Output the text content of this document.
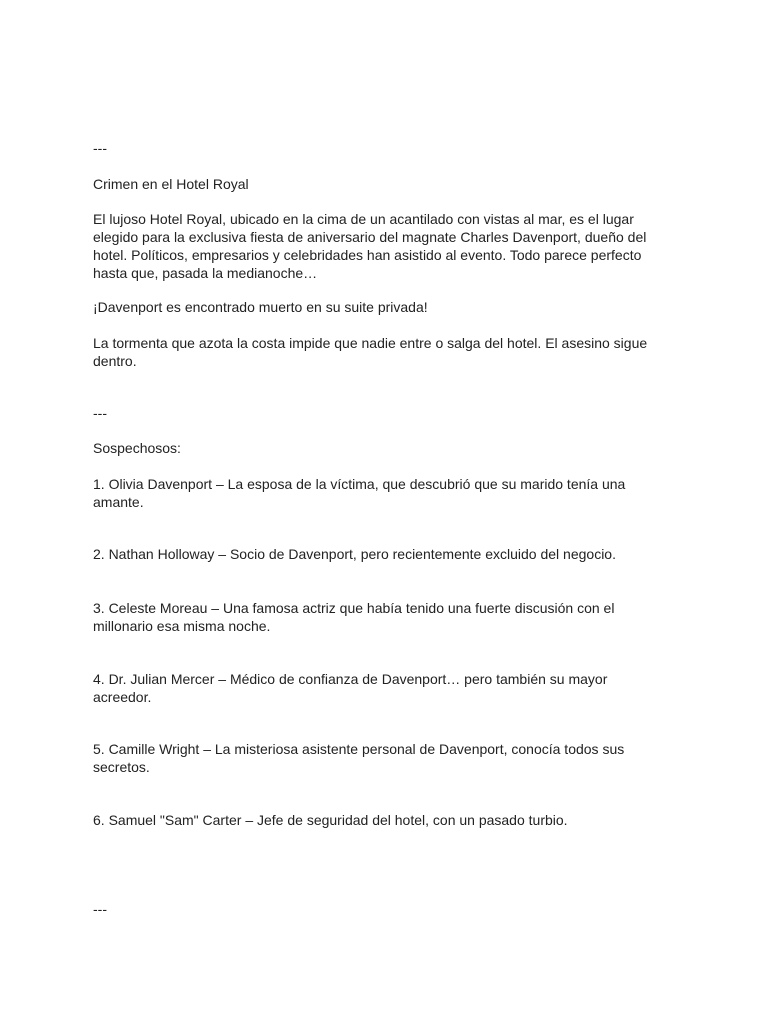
---

Crimen en el Hotel Royal

El lujoso Hotel Royal, ubicado en la cima de un acantilado con vistas al mar, es el lugar elegido para la exclusiva fiesta de aniversario del magnate Charles Davenport, dueño del hotel. Políticos, empresarios y celebridades han asistido al evento. Todo parece perfecto hasta que, pasada la medianoche…

¡Davenport es encontrado muerto en su suite privada!

La tormenta que azota la costa impide que nadie entre o salga del hotel. El asesino sigue dentro.

---

Sospechosos:

1. Olivia Davenport – La esposa de la víctima, que descubrió que su marido tenía una amante.

2. Nathan Holloway – Socio de Davenport, pero recientemente excluido del negocio.

3. Celeste Moreau – Una famosa actriz que había tenido una fuerte discusión con el millonario esa misma noche.

4. Dr. Julian Mercer – Médico de confianza de Davenport… pero también su mayor acreedor.

5. Camille Wright – La misteriosa asistente personal de Davenport, conocía todos sus secretos.

6. Samuel "Sam" Carter – Jefe de seguridad del hotel, con un pasado turbio.

---
